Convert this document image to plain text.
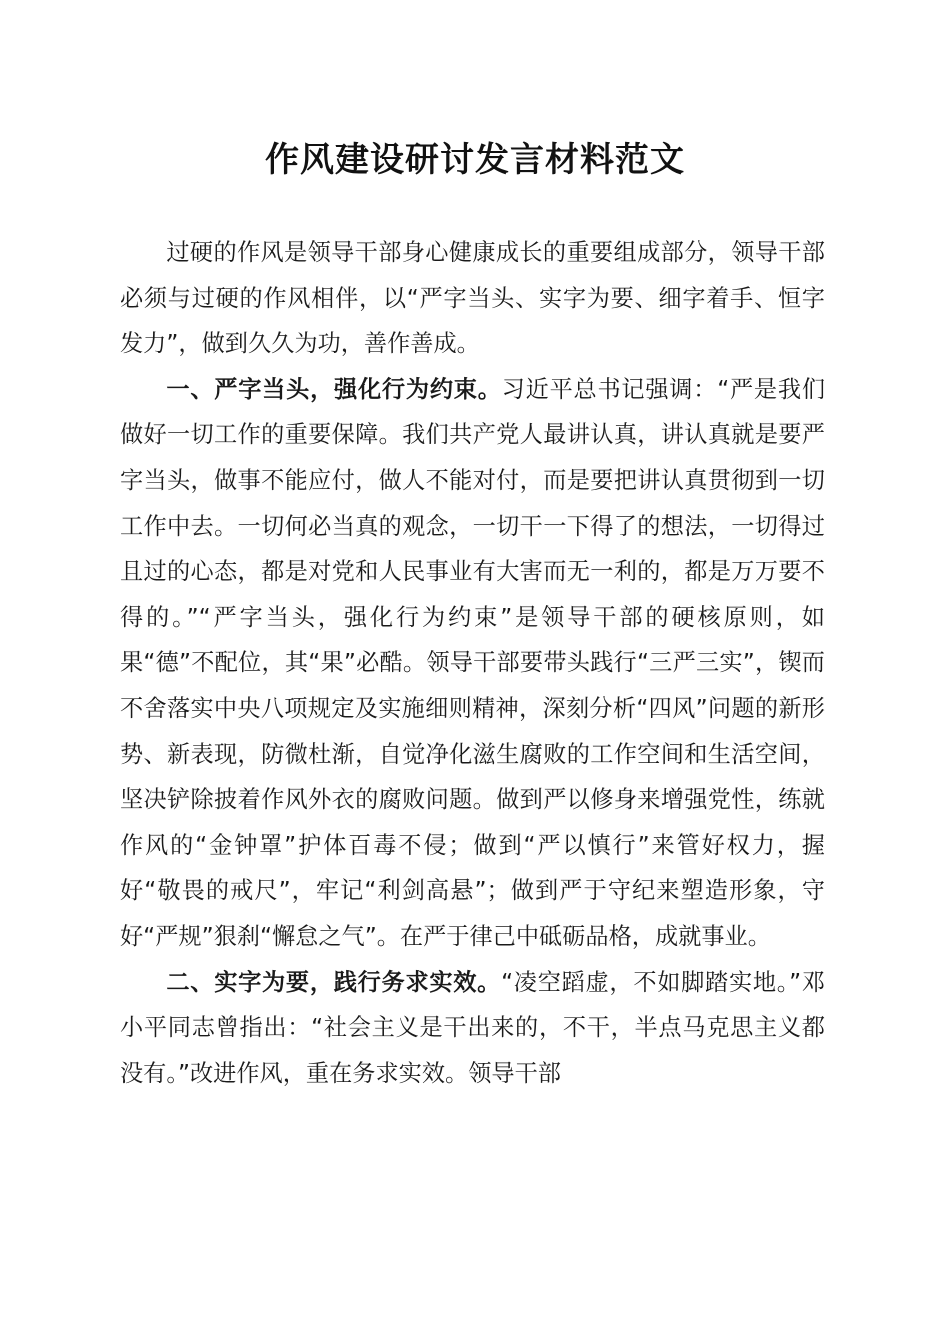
作风建设研讨发言材料范文

过硬的作风是领导干部身心健康成长的重要组成部分，领导干部必须与过硬的作风相伴，以“严字当头、实字为要、细字着手、恒字发力”，做到久久为功，善作善成。

一、严字当头，强化行为约束。习近平总书记强调：“严是我们做好一切工作的重要保障。我们共产党人最讲认真，讲认真就是要严字当头，做事不能应付，做人不能对付，而是要把讲认真贯彻到一切工作中去。一切何必当真的观念，一切干一下得了的想法，一切得过且过的心态，都是对党和人民事业有大害而无一利的，都是万万要不得的。”“严字当头，强化行为约束”是领导干部的硬核原则，如果“德”不配位，其“果”必酷。领导干部要带头践行“三严三实”，锲而不舍落实中央八项规定及实施细则精神，深刻分析“四风”问题的新形势、新表现，防微杜渐，自觉净化滋生腐败的工作空间和生活空间，坚决铲除披着作风外衣的腐败问题。做到严以修身来增强党性，练就作风的“金钟罩”护体百毒不侵；做到“严以慎行”来管好权力，握好“敬畏的戒尺”，牢记“利剑高悬”；做到严于守纪来塑造形象，守好“严规”狠刹“懈怠之气”。在严于律己中砥砺品格，成就事业。

二、实字为要，践行务求实效。“凌空蹈虚，不如脚踏实地。”邓小平同志曾指出：“社会主义是干出来的，不干，半点马克思主义都没有。”改进作风，重在务求实效。领导干部
